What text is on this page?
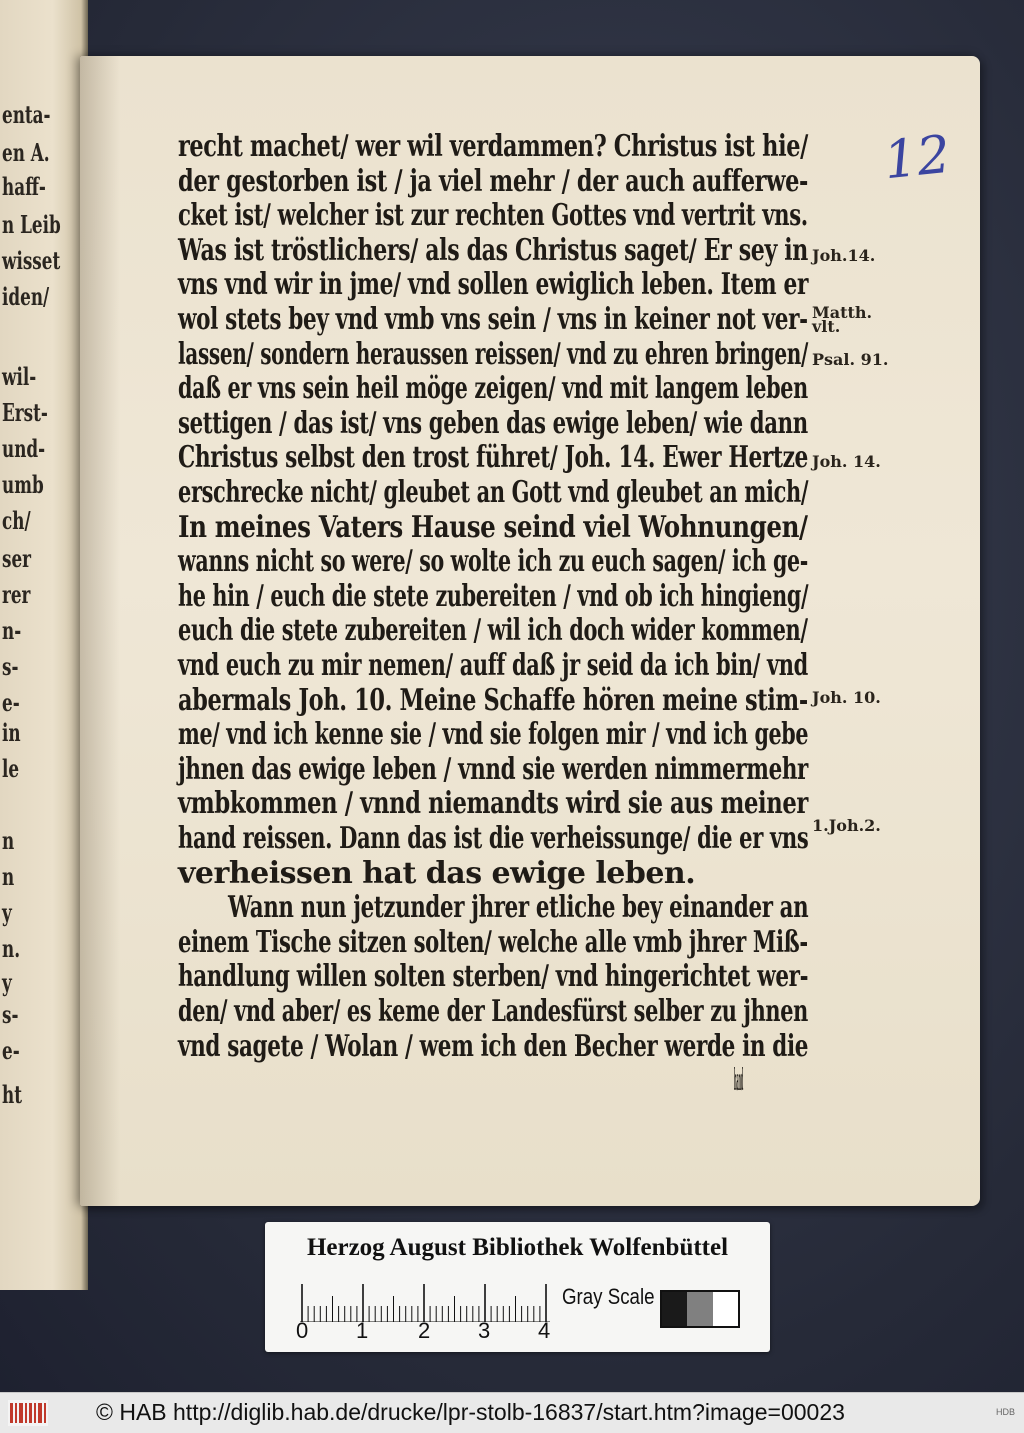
enta-
en A.
haff-
n Leib
wisset
iden/
wil-
Erst-
und-
umb
ch/
ser
rer
n-
s-
e-
in
le
n
n
y
n.
y
s-
e-
ht
12
recht machet/ wer wil verdammen? Christus ist hie/
der gestorben ist / ja viel mehr / der auch aufferwe-
cket ist/ welcher ist zur rechten Gottes vnd vertrit vns.
Was ist tröstlichers/ als das Christus saget/ Er sey in
vns vnd wir in jme/ vnd sollen ewiglich leben. Item er
wol stets bey vnd vmb vns sein / vns in keiner not ver-
lassen/ sondern heraussen reissen/ vnd zu ehren bringen/
daß er vns sein heil möge zeigen/ vnd mit langem leben
settigen / das ist/ vns geben das ewige leben/ wie dann
Christus selbst den trost führet/ Joh. 14. Ewer Hertze
erschrecke nicht/ gleubet an Gott vnd gleubet an mich/
In meines Vaters Hause seind viel Wohnungen/
wanns nicht so were/ so wolte ich zu euch sagen/ ich ge-
he hin / euch die stete zubereiten / vnd ob ich hingieng/
euch die stete zubereiten / wil ich doch wider kommen/
vnd euch zu mir nemen/ auff daß jr seid da ich bin/ vnd
abermals Joh. 10. Meine Schaffe hören meine stim-
me/ vnd ich kenne sie / vnd sie folgen mir / vnd ich gebe
jhnen das ewige leben / vnnd sie werden nimmermehr
vmbkommen / vnnd niemandts wird sie aus meiner
hand reissen. Dann das ist die verheissunge/ die er vns
verheissen hat das ewige leben.
Wann nun jetzunder jhrer etliche bey einander an
einem Tische sitzen solten/ welche alle vmb jhrer Miß-
handlung willen solten sterben/ vnd hingerichtet wer-
den/ vnd aber/ es keme der Landesfürst selber zu jhnen
vnd sagete / Wolan / wem ich den Becher werde in die
hand
Joh.14.
Matth. vlt.
Psal. 91.
Joh. 14.
Joh. 10.
1.Joh.2.
Herzog August Bibliothek Wolfenbüttel
0 1 2 3 4
Gray Scale
© HAB http://diglib.hab.de/drucke/lpr-stolb-16837/start.htm?image=00023	HDB
